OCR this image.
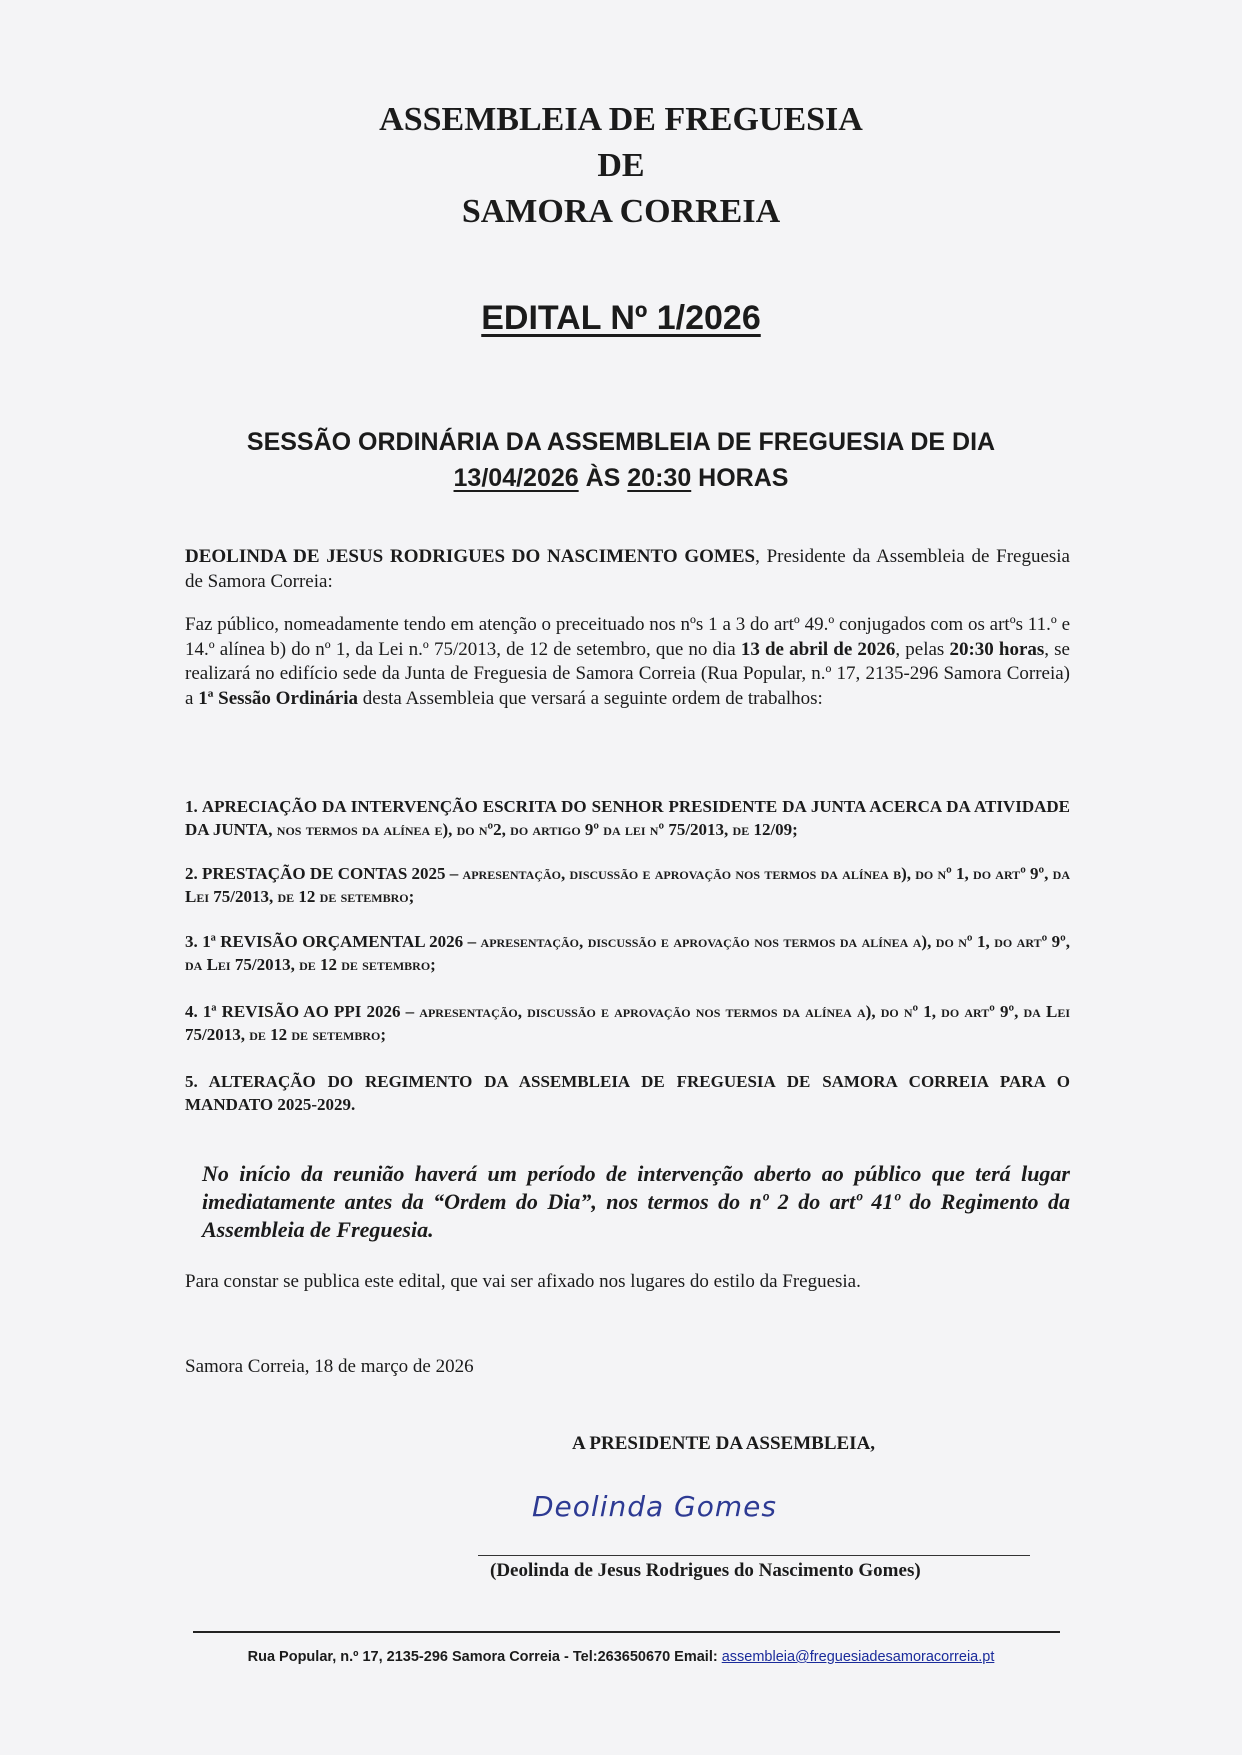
ASSEMBLEIA DE FREGUESIA
DE
SAMORA CORREIA
EDITAL Nº 1/2026
SESSÃO ORDINÁRIA DA ASSEMBLEIA DE FREGUESIA DE DIA
13/04/2026 ÀS 20:30 HORAS
DEOLINDA DE JESUS RODRIGUES DO NASCIMENTO GOMES, Presidente da Assembleia de Freguesia de Samora Correia:
Faz público, nomeadamente tendo em atenção o preceituado nos nºs 1 a 3 do artº 49.º conjugados com os artºs 11.º e 14.º alínea b) do nº 1, da Lei n.º 75/2013, de 12 de setembro, que no dia 13 de abril de 2026, pelas 20:30 horas, se realizará no edifício sede da Junta de Freguesia de Samora Correia (Rua Popular, n.º 17, 2135-296 Samora Correia) a 1ª Sessão Ordinária desta Assembleia que versará a seguinte ordem de trabalhos:
1. APRECIAÇÃO DA INTERVENÇÃO ESCRITA DO SENHOR PRESIDENTE DA JUNTA ACERCA DA ATIVIDADE DA JUNTA, nos termos da alínea e), do nº2, do artigo 9º da lei nº 75/2013, de 12/09;
2. PRESTAÇÃO DE CONTAS 2025 – apresentação, discussão e aprovação nos termos da alínea b), do nº 1, do artº 9º, da Lei 75/2013, de 12 de setembro;
3. 1ª REVISÃO ORÇAMENTAL 2026 – apresentação, discussão e aprovação nos termos da alínea a), do nº 1, do artº 9º, da Lei 75/2013, de 12 de setembro;
4. 1ª REVISÃO AO PPI 2026 – apresentação, discussão e aprovação nos termos da alínea a), do nº 1, do artº 9º, da Lei 75/2013, de 12 de setembro;
5. ALTERAÇÃO DO REGIMENTO DA ASSEMBLEIA DE FREGUESIA DE SAMORA CORREIA PARA O MANDATO 2025-2029.
No início da reunião haverá um período de intervenção aberto ao público que terá lugar imediatamente antes da “Ordem do Dia”, nos termos do nº 2 do artº 41º do Regimento da Assembleia de Freguesia.
Para constar se publica este edital, que vai ser afixado nos lugares do estilo da Freguesia.
Samora Correia, 18 de março de 2026
A PRESIDENTE DA ASSEMBLEIA,
Deolinda Gomes
(Deolinda de Jesus Rodrigues do Nascimento Gomes)
Rua Popular, n.º 17, 2135-296 Samora Correia - Tel:263650670 Email: assembleia@freguesiadesamoracorreia.pt
